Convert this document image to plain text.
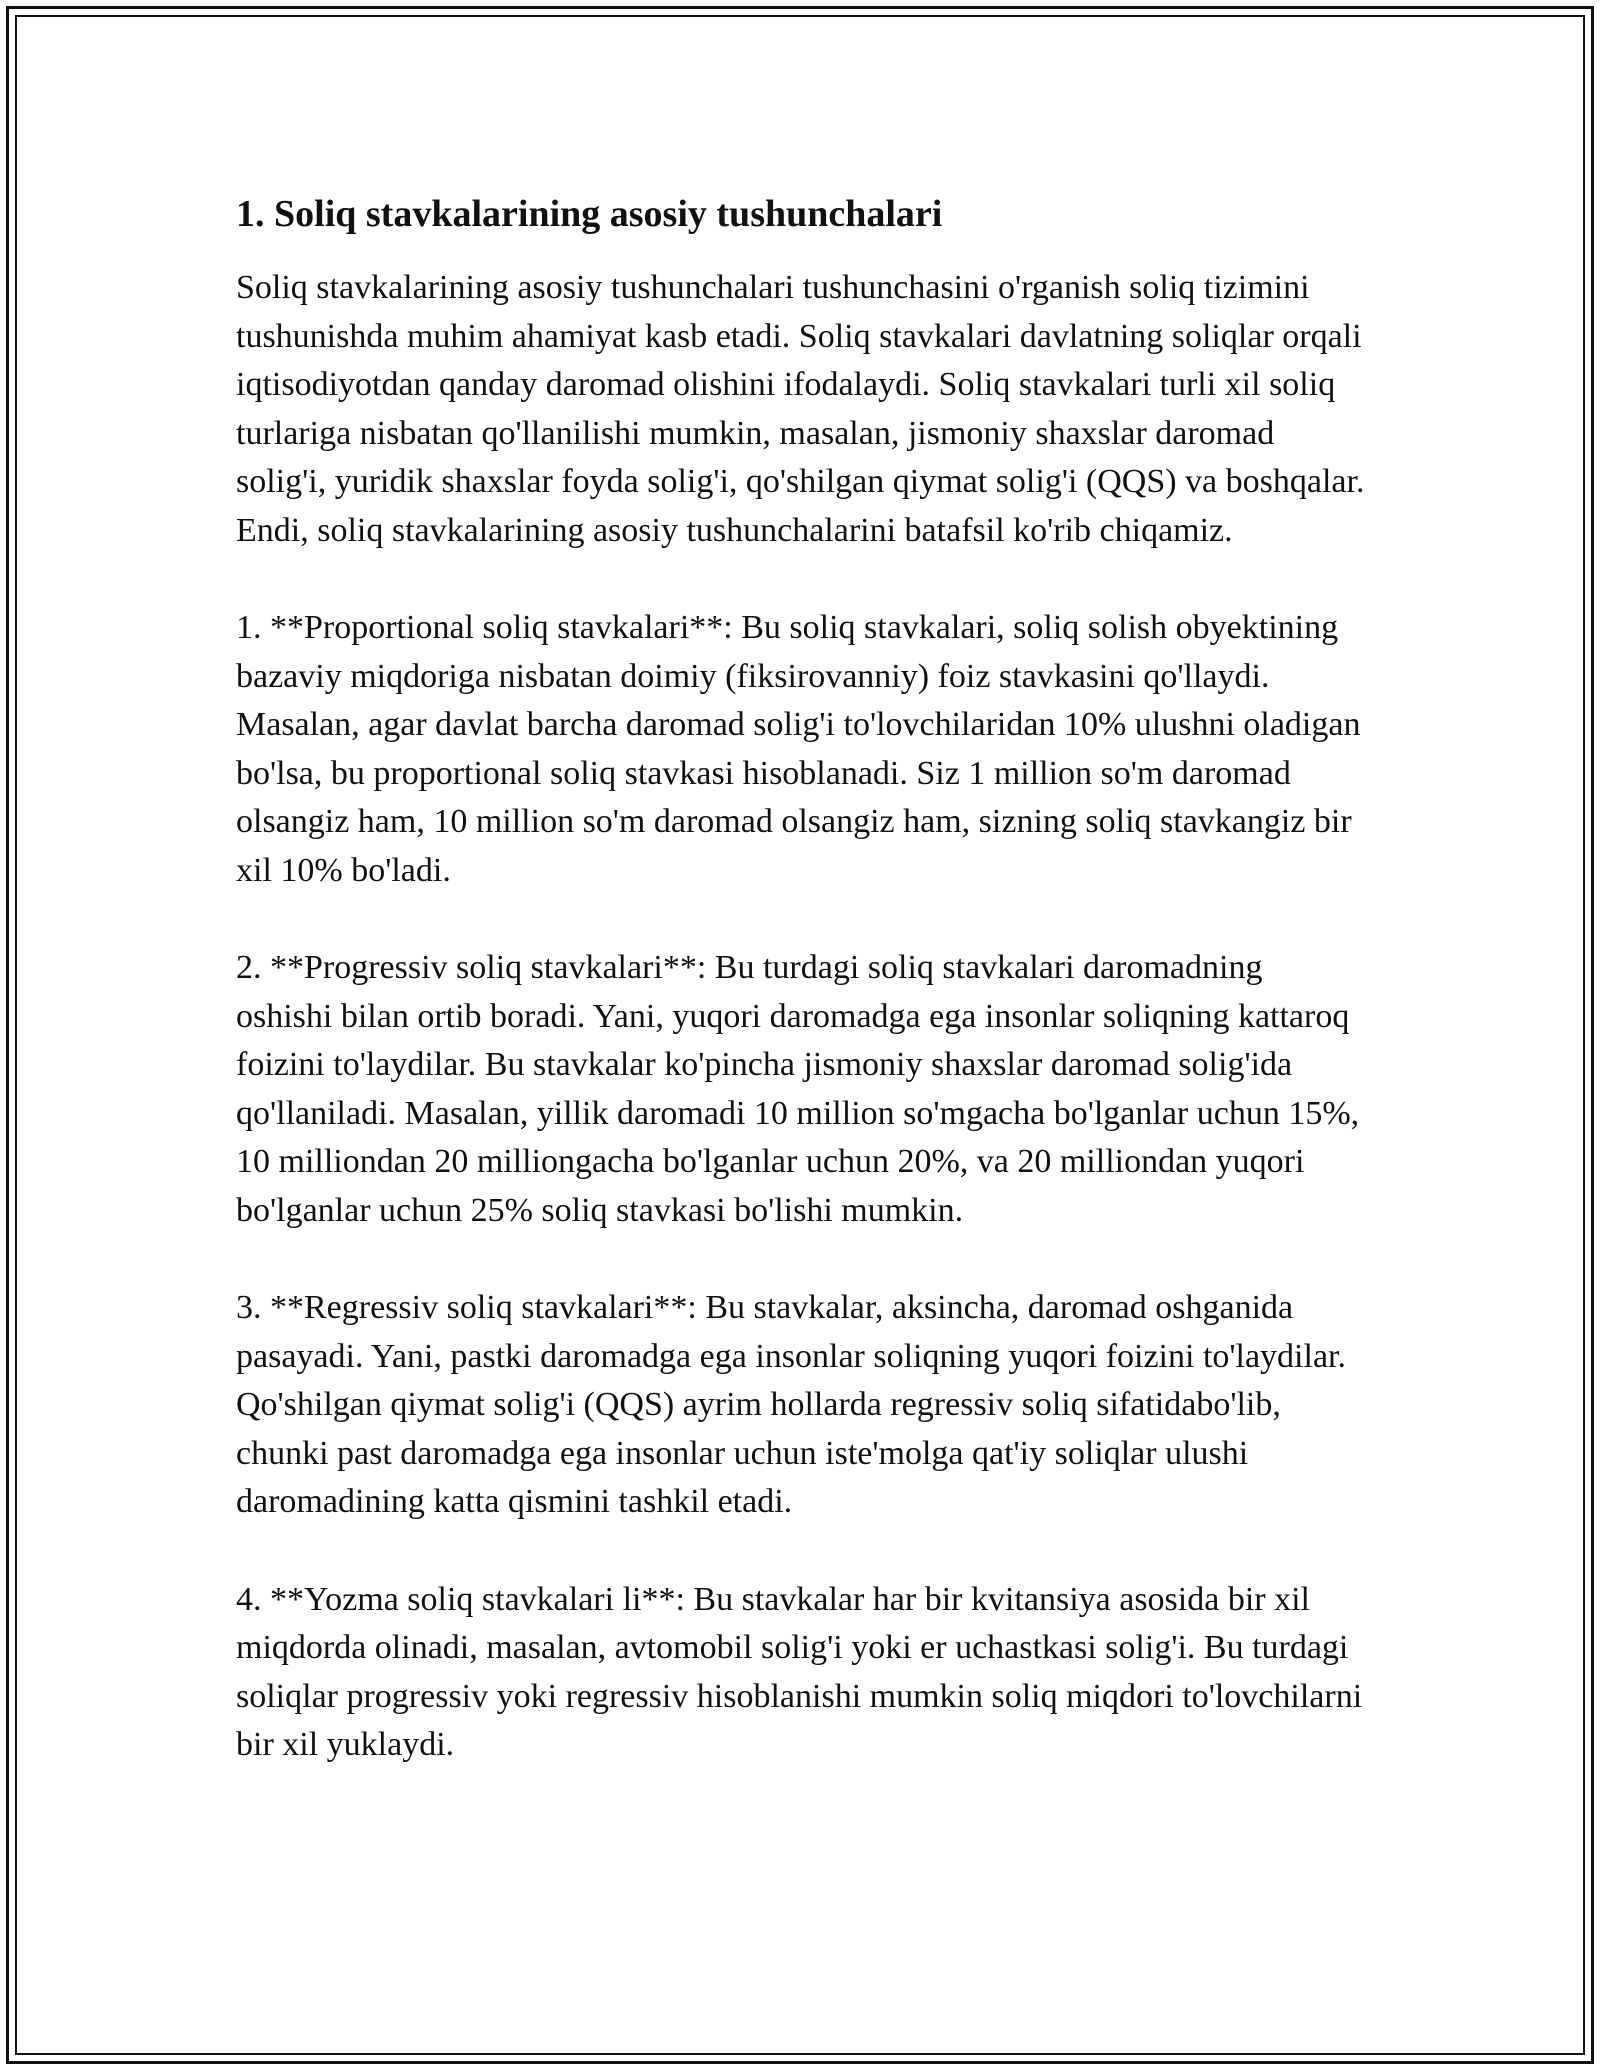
1. Soliq stavkalarining asosiy tushunchalari

Soliq stavkalarining asosiy tushunchalari tushunchasini o'rganish soliq tizimini tushunishda muhim ahamiyat kasb etadi. Soliq stavkalari davlatning soliqlar orqali iqtisodiyotdan qanday daromad olishini ifodalaydi. Soliq stavkalari turli xil soliq turlariga nisbatan qo'llanilishi mumkin, masalan, jismoniy shaxslar daromad solig'i, yuridik shaxslar foyda solig'i, qo'shilgan qiymat solig'i (QQS) va boshqalar. Endi, soliq stavkalarining asosiy tushunchalarini batafsil ko'rib chiqamiz.

1. **Proportional soliq stavkalari**: Bu soliq stavkalari, soliq solish obyektining bazaviy miqdoriga nisbatan doimiy (fiksirovanniy) foiz stavkasini qo'llaydi. Masalan, agar davlat barcha daromad solig'i to'lovchilaridan 10% ulushni oladigan bo'lsa, bu proportional soliq stavkasi hisoblanadi. Siz 1 million so'm daromad olsangiz ham, 10 million so'm daromad olsangiz ham, sizning soliq stavkangiz bir xil 10% bo'ladi.

2. **Progressiv soliq stavkalari**: Bu turdagi soliq stavkalari daromadning oshishi bilan ortib boradi. Yani, yuqori daromadga ega insonlar soliqning kattaroq foizini to'laydilar. Bu stavkalar ko'pincha jismoniy shaxslar daromad solig'ida qo'llaniladi. Masalan, yillik daromadi 10 million so'mgacha bo'lganlar uchun 15%, 10 milliondan 20 milliongacha bo'lganlar uchun 20%, va 20 milliondan yuqori bo'lganlar uchun 25% soliq stavkasi bo'lishi mumkin.

3. **Regressiv soliq stavkalari**: Bu stavkalar, aksincha, daromad oshganida pasayadi. Yani, pastki daromadga ega insonlar soliqning yuqori foizini to'laydilar. Qo'shilgan qiymat solig'i (QQS) ayrim hollarda regressiv soliq sifatidabo'lib, chunki past daromadga ega insonlar uchun iste'molga qat'iy soliqlar ulushi daromadining katta qismini tashkil etadi.

4. **Yozma soliq stavkalari li**: Bu stavkalar har bir kvitansiya asosida bir xil miqdorda olinadi, masalan, avtomobil solig'i yoki er uchastkasi solig'i. Bu turdagi soliqlar progressiv yoki regressiv hisoblanishi mumkin soliq miqdori to'lovchilarni bir xil yuklaydi.
